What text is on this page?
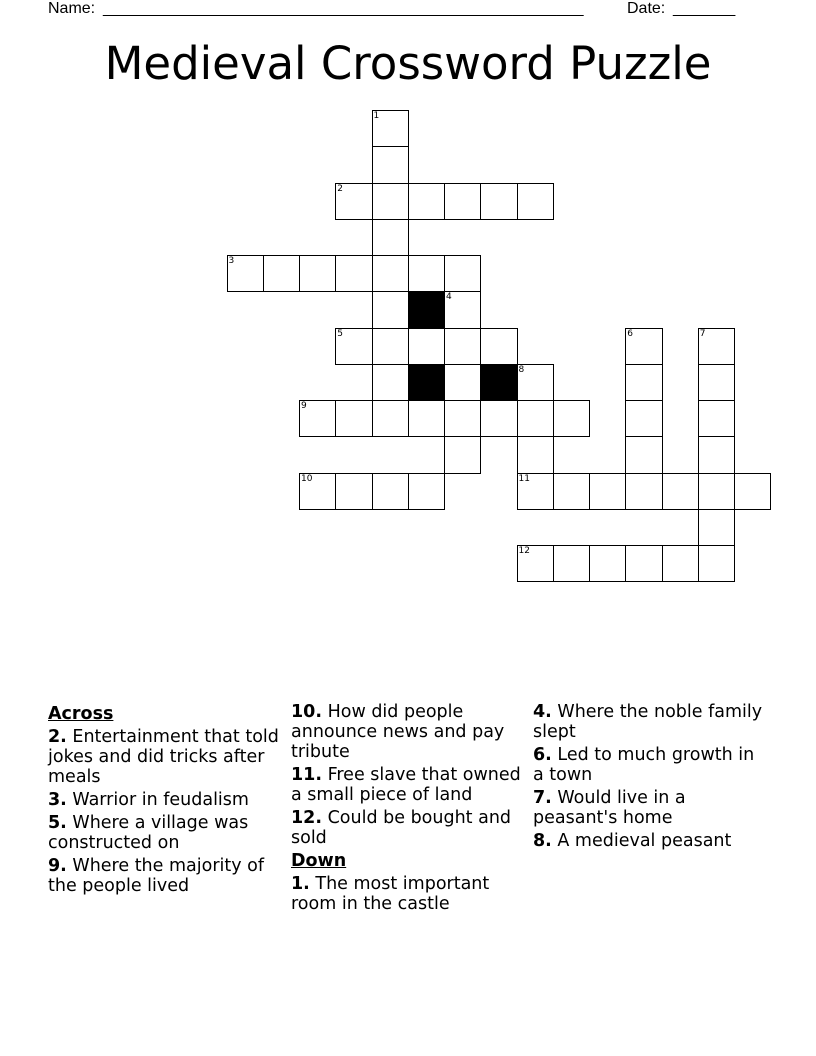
Name: ______________________________________________________	Date: _______
Medieval Crossword Puzzle
1
2
3
4
5	6	7
8
9
10	11
12
Across
2. Entertainment that told jokes and did tricks after meals
3. Warrior in feudalism
5. Where a village was constructed on
9. Where the majority of the people lived
10. How did people announce news and pay tribute
11. Free slave that owned a small piece of land
12. Could be bought and sold
Down
1. The most important room in the castle
4. Where the noble family slept
6. Led to much growth in a town
7. Would live in a peasant's home
8. A medieval peasant
